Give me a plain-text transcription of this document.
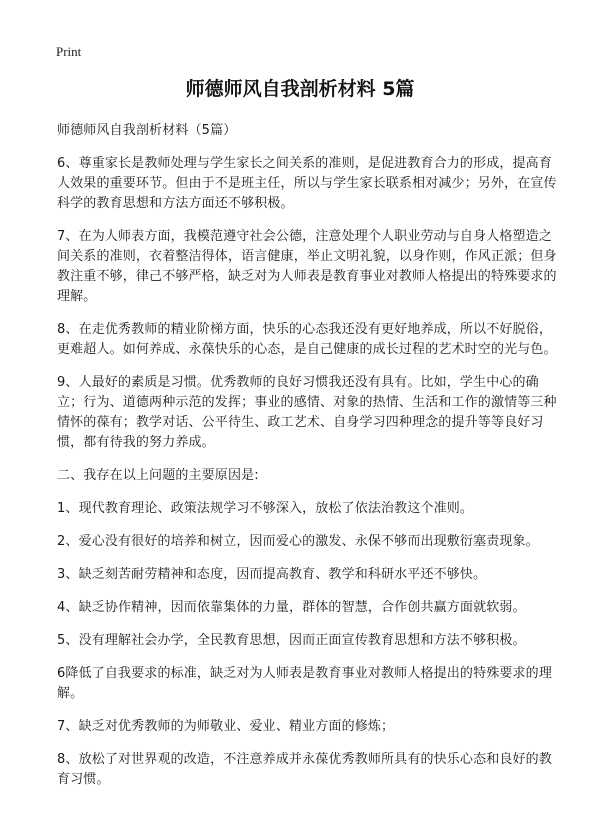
Print
师德师风自我剖析材料 5篇

师德师风自我剖析材料（5篇）

6、尊重家长是教师处理与学生家长之间关系的准则，是促进教育合力的形成，提高育人效果的重要环节。但由于不是班主任，所以与学生家长联系相对减少；另外，在宣传科学的教育思想和方法方面还不够积极。

7、在为人师表方面，我模范遵守社会公德，注意处理个人职业劳动与自身人格塑造之间关系的准则，衣着整洁得体，语言健康，举止文明礼貌，以身作则，作风正派；但身教注重不够，律己不够严格，缺乏对为人师表是教育事业对教师人格提出的特殊要求的理解。

8、在走优秀教师的精业阶梯方面，快乐的心态我还没有更好地养成，所以不好脱俗，更难超人。如何养成、永葆快乐的心态，是自己健康的成长过程的艺术时空的光与色。

9、人最好的素质是习惯。优秀教师的良好习惯我还没有具有。比如，学生中心的确立；行为、道德两种示范的发挥；事业的感情、对象的热情、生活和工作的激情等三种情怀的葆有；教学对话、公平待生、政工艺术、自身学习四种理念的提升等等良好习惯，都有待我的努力养成。

二、我存在以上问题的主要原因是:

1、现代教育理论、政策法规学习不够深入，放松了依法治教这个准则。

2、爱心没有很好的培养和树立，因而爱心的激发、永保不够而出现敷衍塞责现象。

3、缺乏刻苦耐劳精神和态度，因而提高教育、教学和科研水平还不够快。

4、缺乏协作精神，因而依靠集体的力量，群体的智慧，合作创共赢方面就软弱。

5、没有理解社会办学，全民教育思想，因而正面宣传教育思想和方法不够积极。

6降低了自我要求的标准，缺乏对为人师表是教育事业对教师人格提出的特殊要求的理解。

7、缺乏对优秀教师的为师敬业、爱业、精业方面的修炼；

8、放松了对世界观的改造，不注意养成并永葆优秀教师所具有的快乐心态和良好的教育习惯。
